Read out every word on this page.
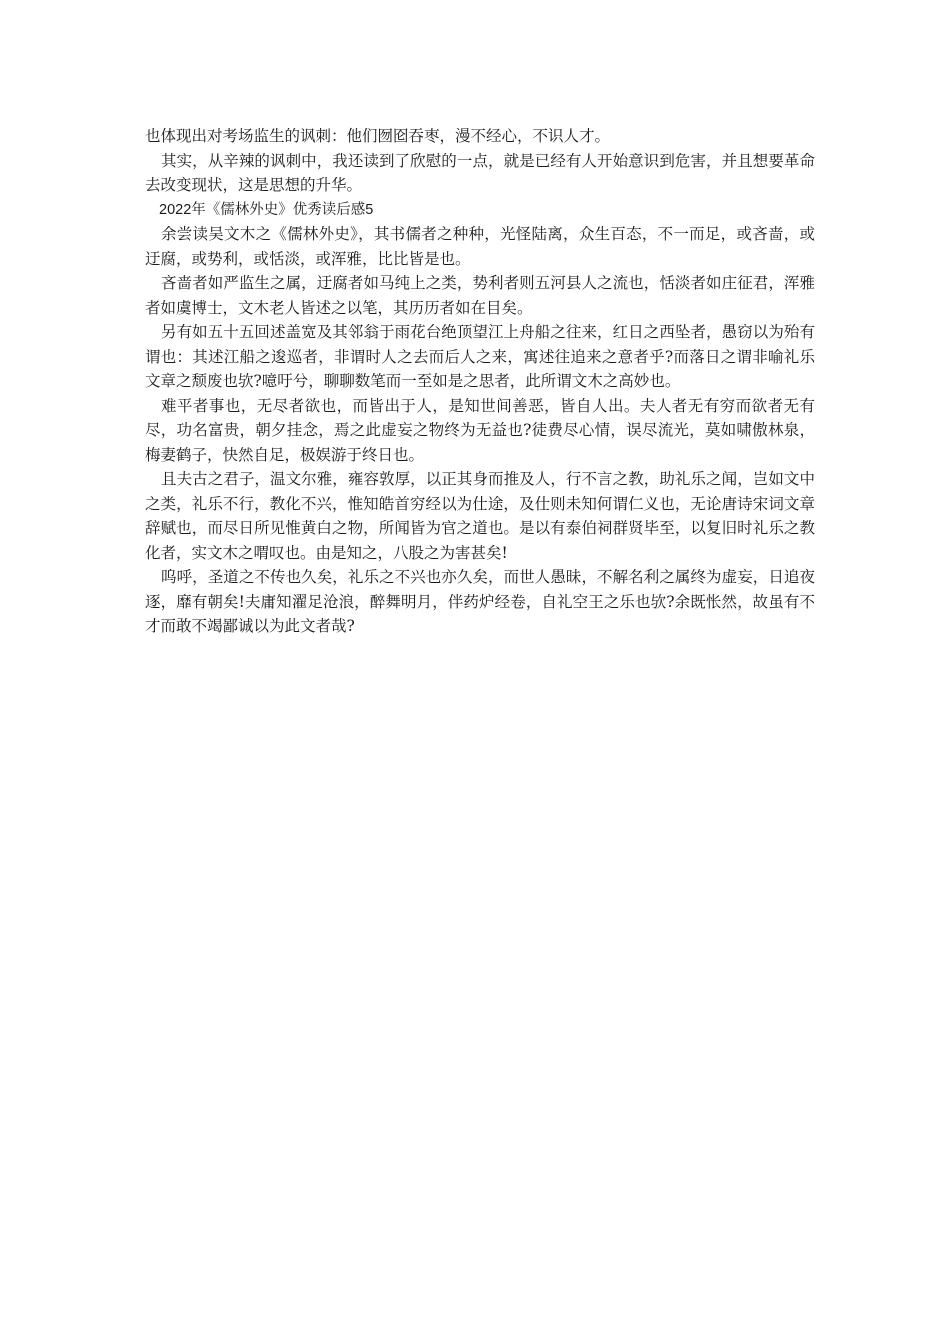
也体现出对考场监生的讽刺：他们囫囵吞枣，漫不经心，不识人才。

其实，从辛辣的讽刺中，我还读到了欣慰的一点，就是已经有人开始意识到危害，并且想要革命去改变现状，这是思想的升华。

2022年《儒林外史》优秀读后感5

余尝读吴文木之《儒林外史》，其书儒者之种种，光怪陆离，众生百态，不一而足，或吝啬，或迂腐，或势利，或恬淡，或浑雅，比比皆是也。

吝啬者如严监生之属，迂腐者如马纯上之类，势利者则五河县人之流也，恬淡者如庄征君，浑雅者如虞博士，文木老人皆述之以笔，其历历者如在目矣。

另有如五十五回述盖宽及其邻翁于雨花台绝顶望江上舟船之往来，红日之西坠者，愚窃以为殆有谓也：其述江船之逡巡者，非谓时人之去而后人之来，寓述往追来之意者乎?而落日之谓非喻礼乐文章之颓废也欤?噫吁兮，聊聊数笔而一至如是之思者，此所谓文木之高妙也。

难平者事也，无尽者欲也，而皆出于人，是知世间善恶，皆自人出。夫人者无有穷而欲者无有尽，功名富贵，朝夕挂念，焉之此虚妄之物终为无益也?徒费尽心情，误尽流光，莫如啸傲林泉，梅妻鹤子，快然自足，极娱游于终日也。

且夫古之君子，温文尔雅，雍容敦厚，以正其身而推及人，行不言之教，助礼乐之闻，岂如文中之类，礼乐不行，教化不兴，惟知皓首穷经以为仕途，及仕则未知何谓仁义也，无论唐诗宋词文章辞赋也，而尽日所见惟黄白之物，所闻皆为官之道也。是以有泰伯祠群贤毕至，以复旧时礼乐之教化者，实文木之喟叹也。由是知之，八股之为害甚矣!

呜呼，圣道之不传也久矣，礼乐之不兴也亦久矣，而世人愚昧，不解名利之属终为虚妄，日追夜逐，靡有朝矣!夫庸知濯足沧浪，醉舞明月，伴药炉经卷，自礼空王之乐也欤?余既怅然，故虽有不才而敢不竭鄙诚以为此文者哉?
